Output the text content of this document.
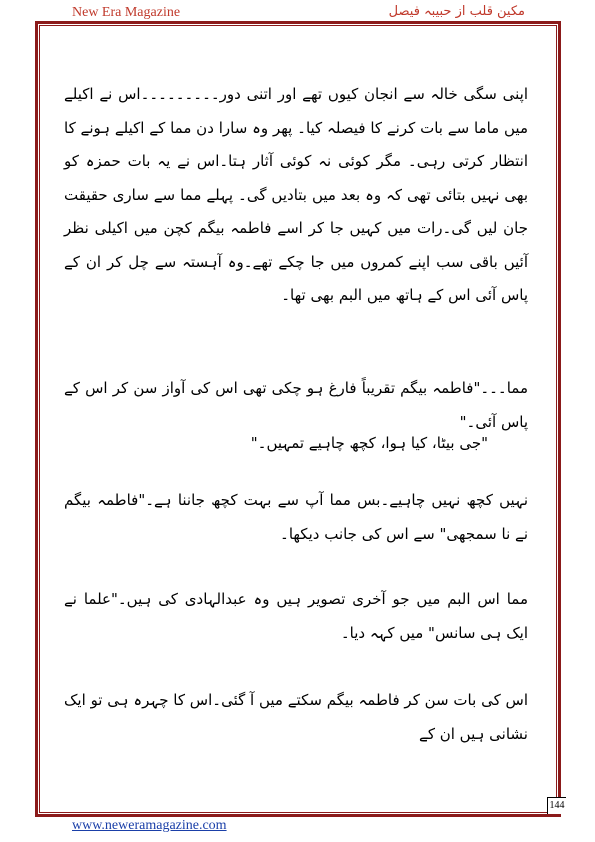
New Era Magazine	مکین قلب از حبیبہ فیصل

اپنی سگی خالہ سے انجان کیوں تھے اور اتنی دور۔۔۔۔۔۔۔۔۔اس نے اکیلے میں ماما سے بات کرنے کا فیصلہ کیا۔ پھر وہ سارا دن مما کے اکیلے ہونے کا انتظار کرتی رہی۔ مگر کوئی نہ کوئی آثار ہتا۔اس نے یہ بات حمزہ کو بھی نہیں بتائی تھی کہ وہ بعد میں بتادیں گی۔ پہلے مما سے ساری حقیقت جان لیں گی۔رات میں کہیں جا کر اسے فاطمہ بیگم کچن میں اکیلی نظر آئیں باقی سب اپنے کمروں میں جا چکے تھے۔وہ آہستہ سے چل کر ان کے پاس آئی اس کے ہاتھ میں البم بھی تھا۔

مما۔۔۔"فاطمہ بیگم تقریباً فارغ ہو چکی تھی اس کی آواز سن کر اس کے پاس آئی۔"

"جی بیٹا، کیا ہوا، کچھ چاہیے تمہیں۔"

نہیں کچھ نہیں چاہیے۔بس مما آپ سے بہت کچھ جاننا ہے۔"فاطمہ بیگم نے نا سمجھی" سے اس کی جانب دیکھا۔

مما اس البم میں جو آخری تصویر ہیں وہ عبدالہادی کی ہیں۔"علما نے ایک ہی سانس" میں کہہ دیا۔

اس کی بات سن کر فاطمہ بیگم سکتے میں آ گئی۔اس کا چہرہ ہی تو ایک نشانی ہیں ان کے

144
www.neweramagazine.com
